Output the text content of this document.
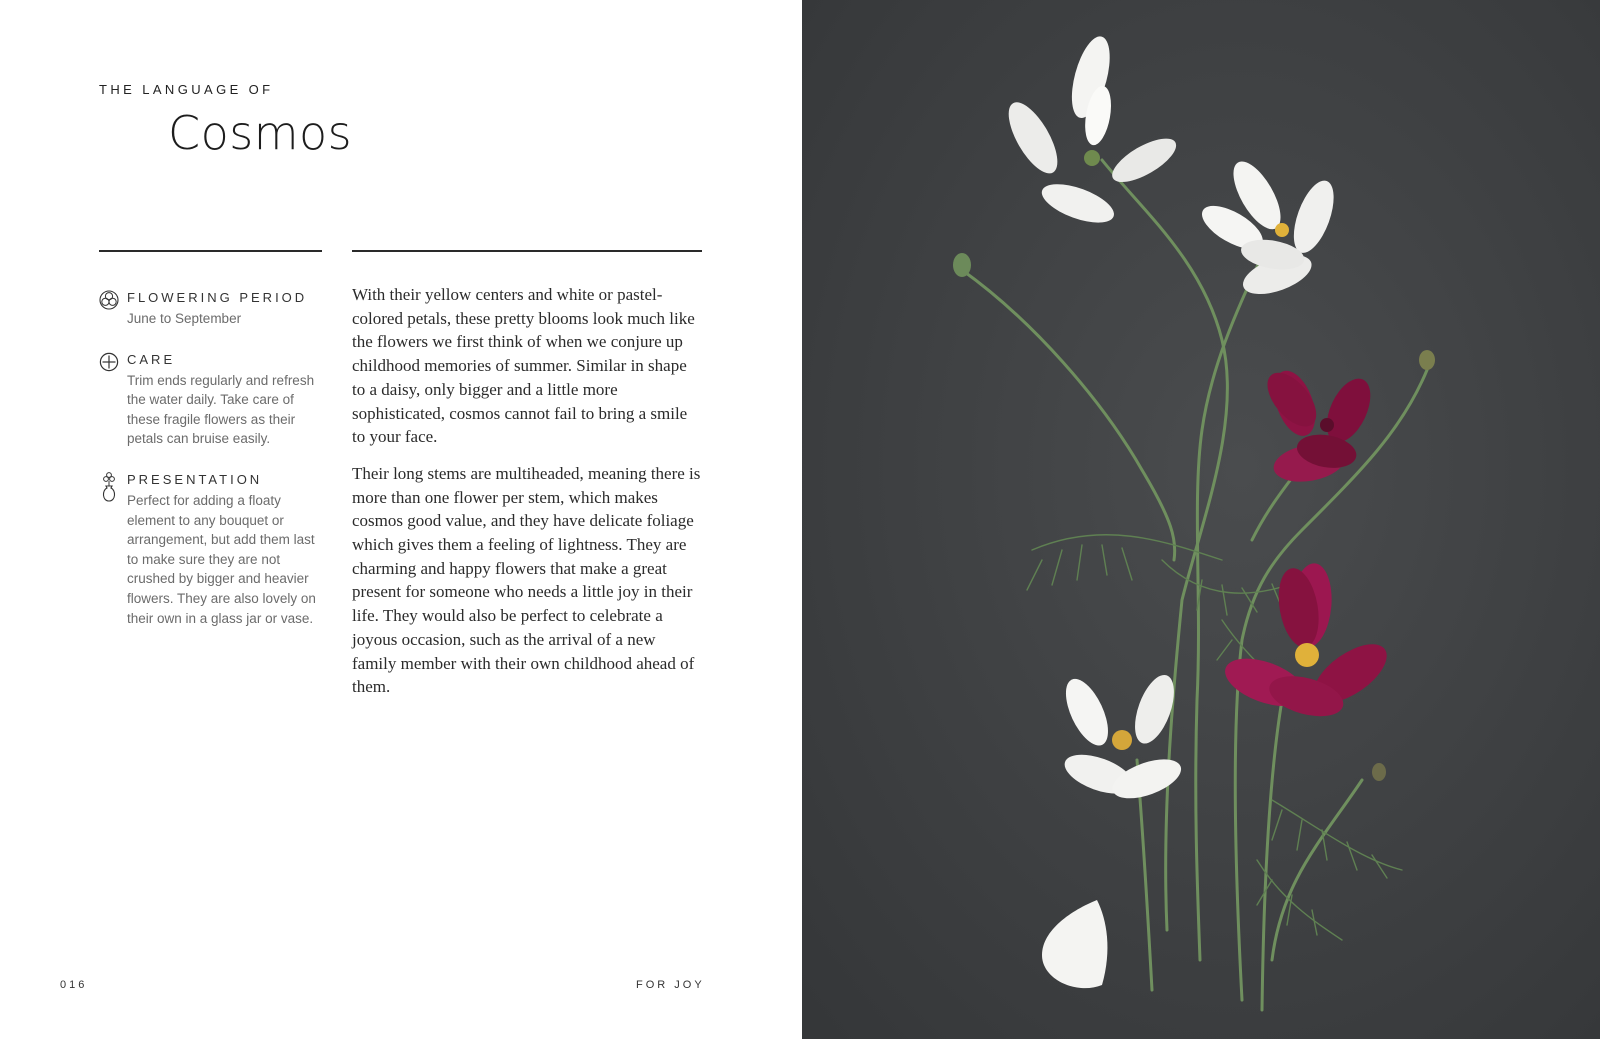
THE LANGUAGE OF
Cosmos
FLOWERING PERIOD
June to September
CARE
Trim ends regularly and refresh the water daily. Take care of these fragile flowers as their petals can bruise easily.
PRESENTATION
Perfect for adding a floaty element to any bouquet or arrangement, but add them last to make sure they are not crushed by bigger and heavier flowers. They are also lovely on their own in a glass jar or vase.

With their yellow centers and white or pastel-colored petals, these pretty blooms look much like the flowers we first think of when we conjure up childhood memories of summer. Similar in shape to a daisy, only bigger and a little more sophisticated, cosmos cannot fail to bring a smile to your face.

Their long stems are multiheaded, meaning there is more than one flower per stem, which makes cosmos good value, and they have delicate foliage which gives them a feeling of lightness. They are charming and happy flowers that make a great present for someone who needs a little joy in their life. They would also be perfect to celebrate a joyous occasion, such as the arrival of a new family member with their own childhood ahead of them.

016	FOR JOY
